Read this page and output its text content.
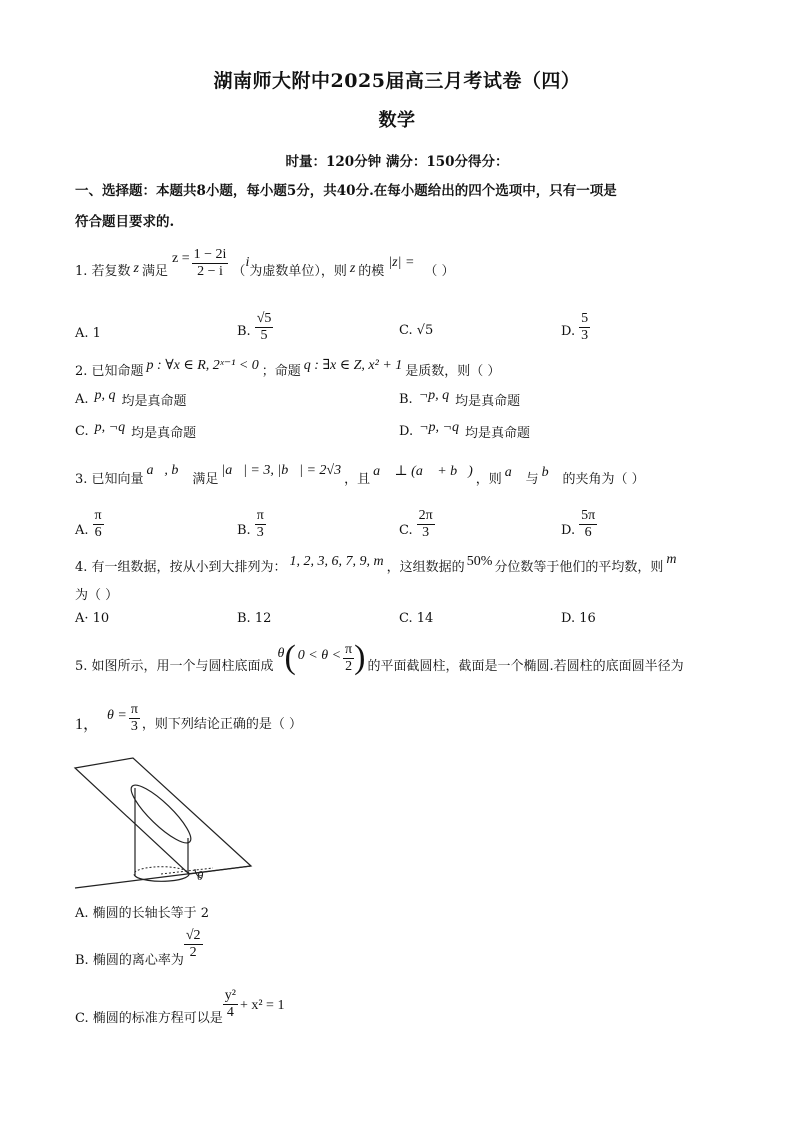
湖南师大附中2025届高三月考试卷（四）
数学
时量：120分钟 满分：150分得分：
一、选择题：本题共8小题，每小题5分，共40分.在每小题给出的四个选项中，只有一项是
符合题目要求的.
1. 若复数 z 满足
$z = \frac{1 - 2i}{2 - i}$ （
i
为虚数单位），则 z 的模
|z| =
（ ）
A. 1	B. $\frac{√5}{5}$	C. √5	D. $\frac{5}{3}$
2. 已知命题 p : ∀x ∈ R, 2ˣ⁻¹ < 0 ；命题 q : ∃x ∈ Z, x² + 1 是质数，则（ ）
A. p, q 均是真命题	B. ¬p, q 均是真命题
C. p, ¬q 均是真命题	D. ¬p, ¬q 均是真命题
3. 已知向量
a⃗, b⃗
满足
|a⃗| = 3, |b⃗| = 2√3
，且
a⃗ ⊥ (a⃗ + b⃗)
，则 a⃗ 与 b⃗ 的夹角为（ ）
A. $\frac{\pi}{6}$	B. $\frac{\pi}{3}$	C. $\frac{2\pi}{3}$	D. $\frac{5\pi}{6}$
4. 有一组数据，按从小到大排列为： 1, 2, 3, 6, 7, 9, m ，这组数据的 50% 分位数等于他们的平均数，则 m
为（ ）
A· 10	B. 12	C. 14	D. 16
5. 如图所示，用一个与圆柱底面成
θ ( $0 < \theta < \frac{\pi}{2}$ ) 的平面截圆柱，截面是一个椭圆.若圆柱的底面圆半径为
1， $\theta = \frac{\pi}{3}$ ，则下列结论正确的是（ ）
θ
A. 椭圆的长轴长等于 2
B. 椭圆的离心率为
$\frac{√2}{2}$
C. 椭圆的标准方程可以是 $\frac{\text{y²}}{4} + x^2 = 1$
